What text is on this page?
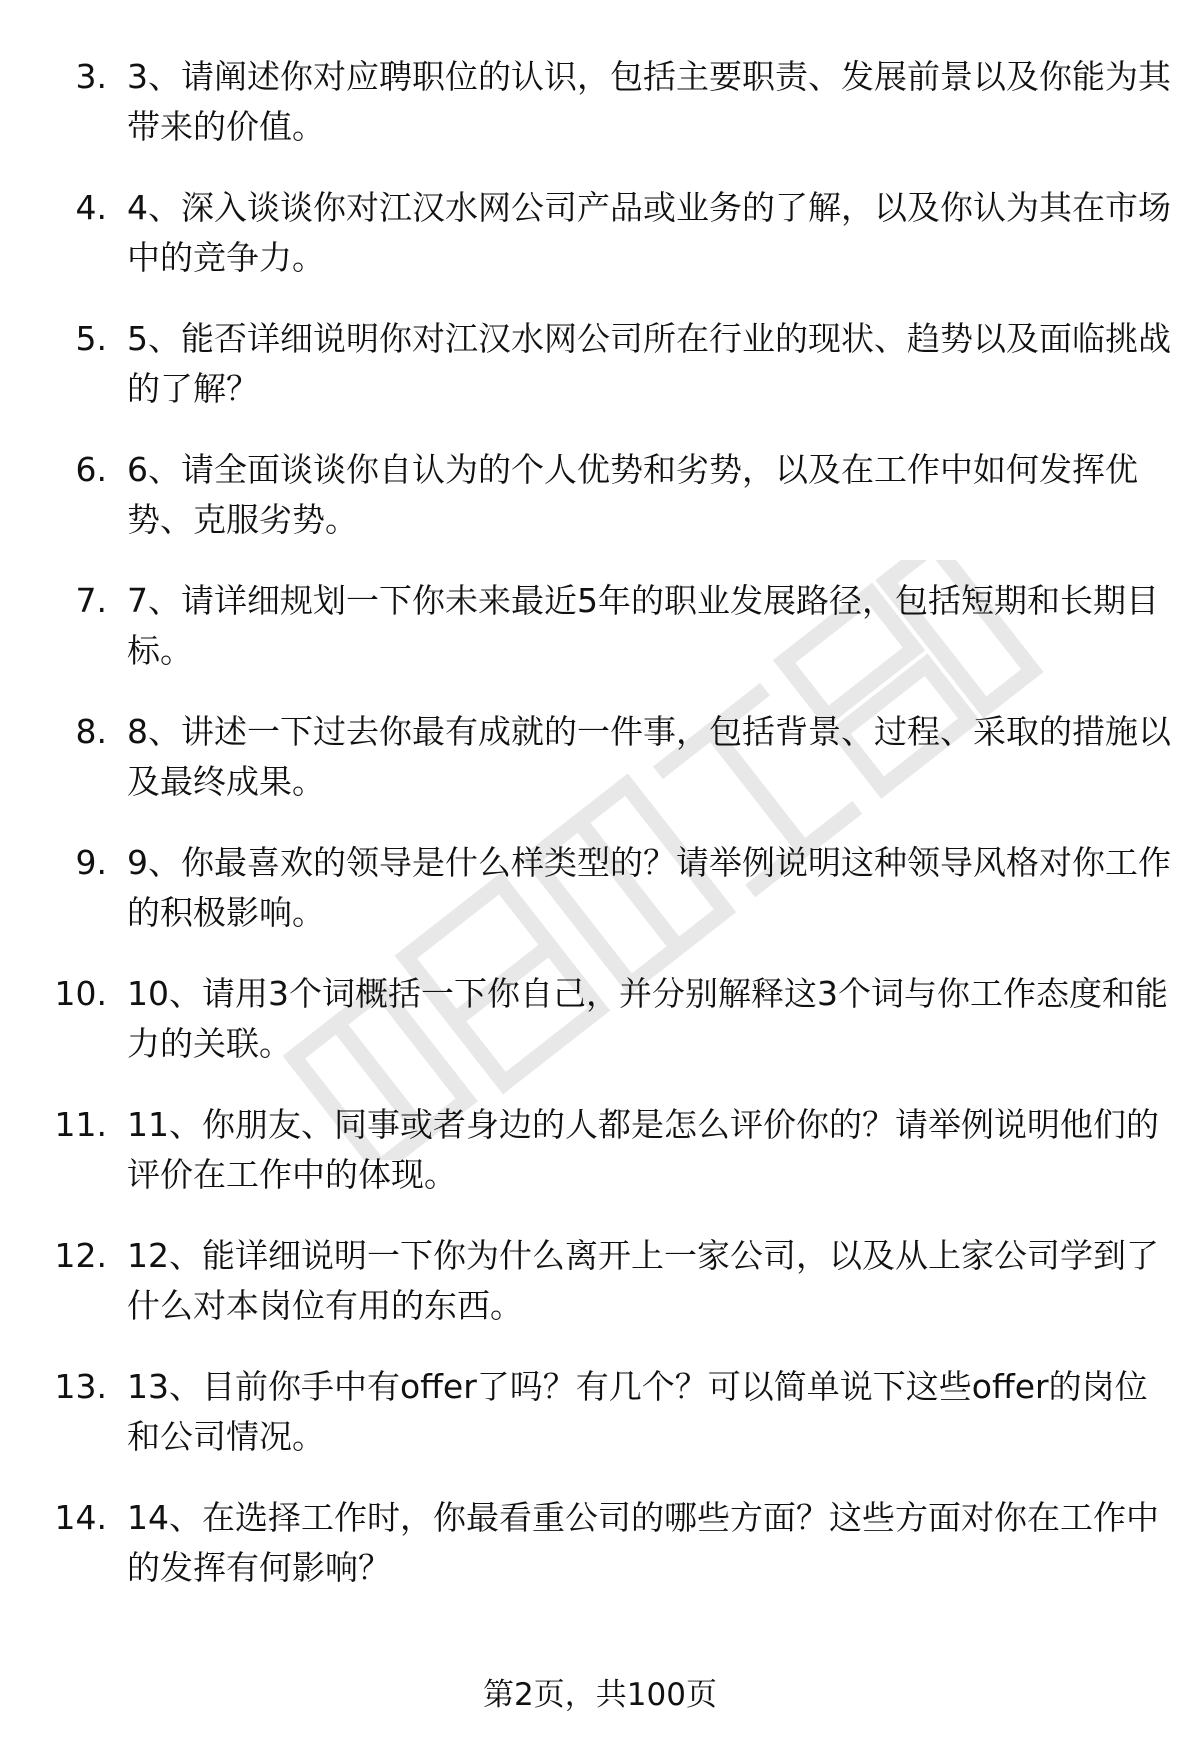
3. 3、请阐述你对应聘职位的认识，包括主要职责、发展前景以及你能为其带来的价值。
4. 4、深入谈谈你对江汉水网公司产品或业务的了解，以及你认为其在市场中的竞争力。
5. 5、能否详细说明你对江汉水网公司所在行业的现状、趋势以及面临挑战的了解？
6. 6、请全面谈谈你自认为的个人优势和劣势，以及在工作中如何发挥优势、克服劣势。
7. 7、请详细规划一下你未来最近5年的职业发展路径，包括短期和长期目标。
8. 8、讲述一下过去你最有成就的一件事，包括背景、过程、采取的措施以及最终成果。
9. 9、你最喜欢的领导是什么样类型的？请举例说明这种领导风格对你工作的积极影响。
10. 10、请用3个词概括一下你自己，并分别解释这3个词与你工作态度和能力的关联。
11. 11、你朋友、同事或者身边的人都是怎么评价你的？请举例说明他们的评价在工作中的体现。
12. 12、能详细说明一下你为什么离开上一家公司，以及从上家公司学到了什么对本岗位有用的东西。
13. 13、目前你手中有offer了吗？有几个？可以简单说下这些offer的岗位和公司情况。
14. 14、在选择工作时，你最看重公司的哪些方面？这些方面对你在工作中的发挥有何影响？
第2页，共100页
